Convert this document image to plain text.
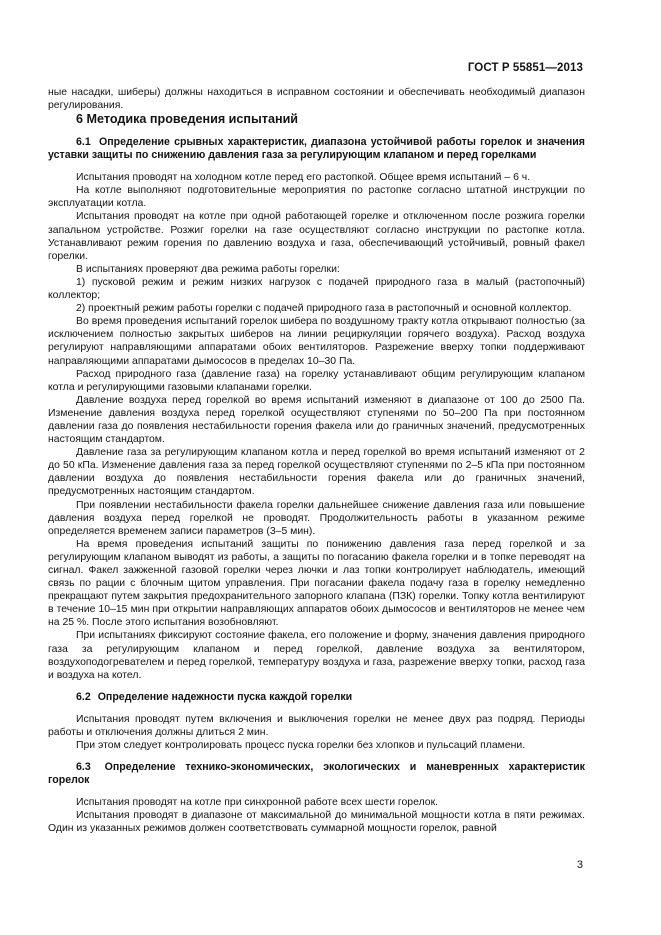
ГОСТ Р 55851—2013

ные насадки, шиберы) должны находиться в исправном состоянии и обеспечивать необходимый диапазон регулирования.

6 Методика проведения испытаний

6.1 Определение срывных характеристик, диапазона устойчивой работы горелок и значения уставки защиты по снижению давления газа за регулирующим клапаном и перед горелками

Испытания проводят на холодном котле перед его растопкой. Общее время испытаний – 6 ч.

На котле выполняют подготовительные мероприятия по растопке согласно штатной инструкции по эксплуатации котла.

Испытания проводят на котле при одной работающей горелке и отключенном после розжига горелки запальном устройстве. Розжиг горелки на газе осуществляют согласно инструкции по растопке котла. Устанавливают режим горения по давлению воздуха и газа, обеспечивающий устойчивый, ровный факел горелки.

В испытаниях проверяют два режима работы горелки:

1) пусковой режим и режим низких нагрузок с подачей природного газа в малый (растопочный) коллектор;

2) проектный режим работы горелки с подачей природного газа в растопочный и основной коллектор.

Во время проведения испытаний горелок шибера по воздушному тракту котла открывают полностью (за исключением полностью закрытых шиберов на линии рециркуляции горячего воздуха). Расход воздуха регулируют направляющими аппаратами обоих вентиляторов. Разрежение вверху топки поддерживают направляющими аппаратами дымососов в пределах 10–30 Па.

Расход природного газа (давление газа) на горелку устанавливают общим регулирующим клапаном котла и регулирующими газовыми клапанами горелки.

Давление воздуха перед горелкой во время испытаний изменяют в диапазоне от 100 до 2500 Па. Изменение давления воздуха перед горелкой осуществляют ступенями по 50–200 Па при постоянном давлении газа до появления нестабильности горения факела или до граничных значений, предусмотренных настоящим стандартом.

Давление газа за регулирующим клапаном котла и перед горелкой во время испытаний изменяют от 2 до 50 кПа. Изменение давления газа за перед горелкой осуществляют ступенями по 2–5 кПа при постоянном давлении воздуха до появления нестабильности горения факела или до граничных значений, предусмотренных настоящим стандартом.

При появлении нестабильности факела горелки дальнейшее снижение давления газа или повышение давления воздуха перед горелкой не проводят. Продолжительность работы в указанном режиме определяется временем записи параметров (3–5 мин).

На время проведения испытаний защиты по понижению давления газа перед горелкой и за регулирующим клапаном выводят из работы, а защиты по погасанию факела горелки и в топке переводят на сигнал. Факел зажженной газовой горелки через лючки и лаз топки контролирует наблюдатель, имеющий связь по рации с блочным щитом управления. При погасании факела подачу газа в горелку немедленно прекращают путем закрытия предохранительного запорного клапана (ПЗК) горелки. Топку котла вентилируют в течение 10–15 мин при открытии направляющих аппаратов обоих дымососов и вентиляторов не менее чем на 25 %. После этого испытания возобновляют.

При испытаниях фиксируют состояние факела, его положение и форму, значения давления природного газа за регулирующим клапаном и перед горелкой, давление воздуха за вентилятором, воздухоподогревателем и перед горелкой, температуру воздуха и газа, разрежение вверху топки, расход газа и воздуха на котел.

6.2 Определение надежности пуска каждой горелки

Испытания проводят путем включения и выключения горелки не менее двух раз подряд. Периоды работы и отключения должны длиться 2 мин.

При этом следует контролировать процесс пуска горелки без хлопков и пульсаций пламени.

6.3 Определение технико-экономических, экологических и маневренных характеристик горелок

Испытания проводят на котле при синхронной работе всех шести горелок.

Испытания проводят в диапазоне от максимальной до минимальной мощности котла в пяти режимах. Один из указанных режимов должен соответствовать суммарной мощности горелок, равной

3
